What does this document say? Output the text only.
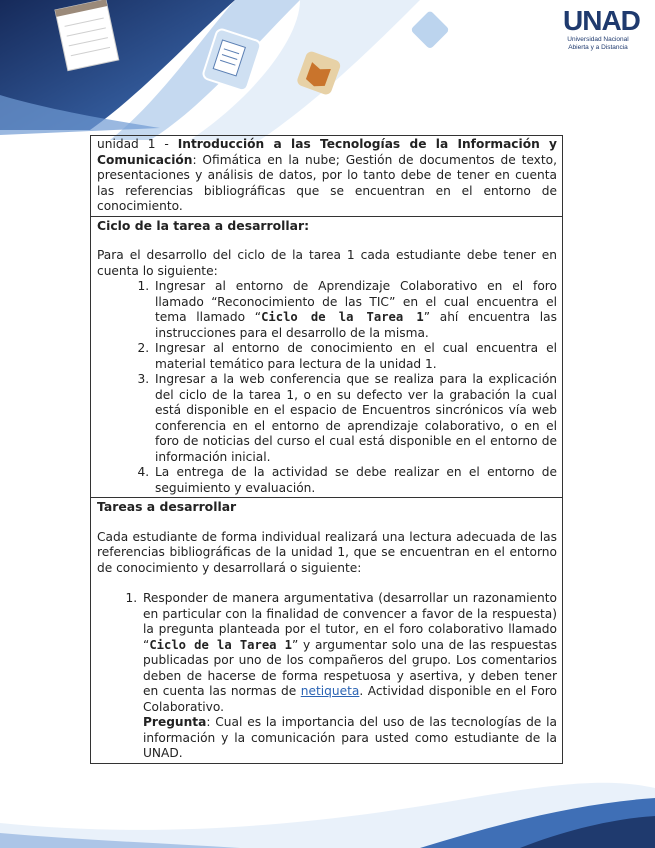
UNAD
Universidad Nacional
Abierta y a Distancia
unidad 1 - Introducción a las Tecnologías de la Información y Comunicación: Ofimática en la nube; Gestión de documentos de texto, presentaciones y análisis de datos, por lo tanto debe de tener en cuenta las referencias bibliográficas que se encuentran en el entorno de conocimiento.

Ciclo de la tarea a desarrollar:

Para el desarrollo del ciclo de la tarea 1 cada estudiante debe tener en cuenta lo siguiente:

1. Ingresar al entorno de Aprendizaje Colaborativo en el foro llamado “Reconocimiento de las TIC” en el cual encuentra el tema llamado “Ciclo de la Tarea 1” ahí encuentra las instrucciones para el desarrollo de la misma.
2. Ingresar al entorno de conocimiento en el cual encuentra el material temático para lectura de la unidad 1.
3. Ingresar a la web conferencia que se realiza para la explicación del ciclo de la tarea 1, o en su defecto ver la grabación la cual está disponible en el espacio de Encuentros sincrónicos vía web conferencia en el entorno de aprendizaje colaborativo, o en el foro de noticias del curso el cual está disponible en el entorno de información inicial.
4. La entrega de la actividad se debe realizar en el entorno de seguimiento y evaluación.

Tareas a desarrollar

Cada estudiante de forma individual realizará una lectura adecuada de las referencias bibliográficas de la unidad 1, que se encuentran en el entorno de conocimiento y desarrollará o siguiente:

1. Responder de manera argumentativa (desarrollar un razonamiento en particular con la finalidad de convencer a favor de la respuesta) la pregunta planteada por el tutor, en el foro colaborativo llamado “Ciclo de la Tarea 1” y argumentar solo una de las respuestas publicadas por uno de los compañeros del grupo. Los comentarios deben de hacerse de forma respetuosa y asertiva, y deben tener en cuenta las normas de netiqueta. Actividad disponible en el Foro Colaborativo.
Pregunta: Cual es la importancia del uso de las tecnologías de la información y la comunicación para usted como estudiante de la UNAD.
